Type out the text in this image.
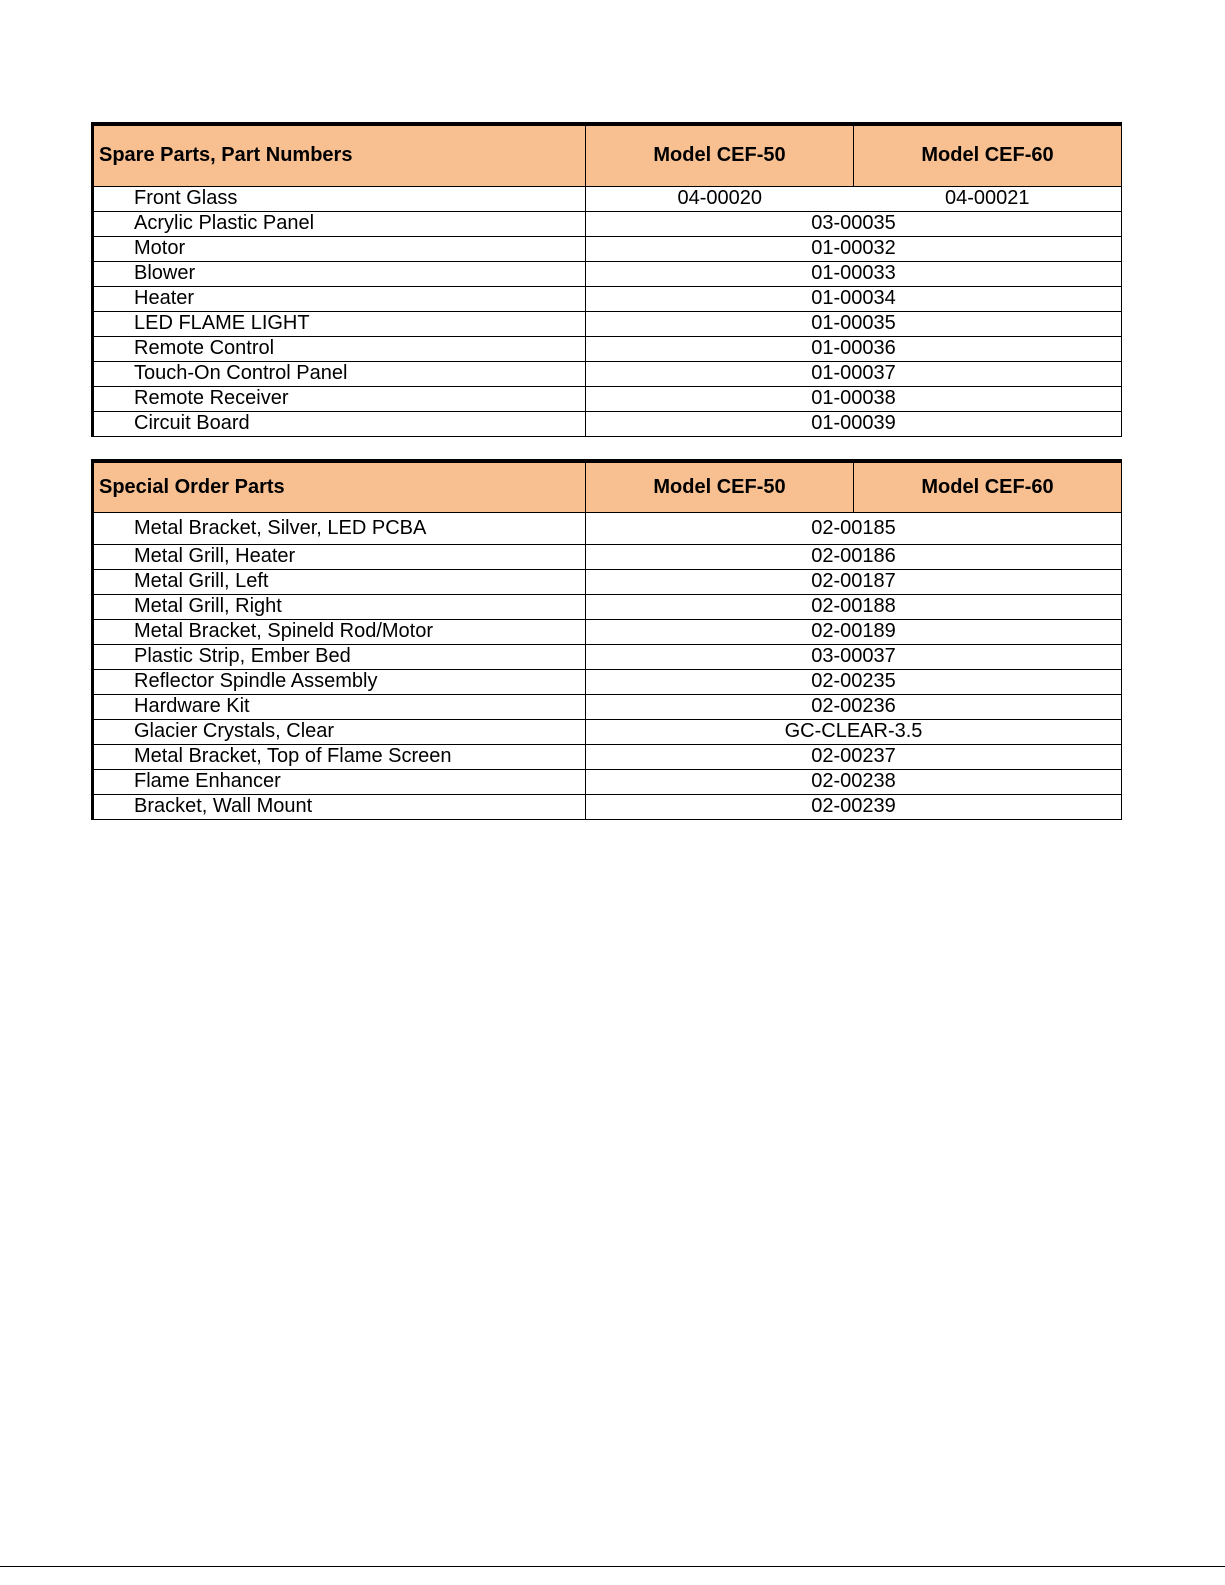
Spare Parts, Part Numbers	Model CEF-50	Model CEF-60
Front Glass	04-00020	04-00021
Acrylic Plastic Panel	03-00035	
Motor	01-00032	
Blower	01-00033	
Heater	01-00034	
LED FLAME LIGHT	01-00035	
Remote Control	01-00036	
Touch-On Control Panel	01-00037	
Remote Receiver	01-00038	
Circuit Board	01-00039	
Special Order Parts	Model CEF-50	Model CEF-60
Metal Bracket, Silver, LED PCBA	02-00185	
Metal Grill, Heater	02-00186	
Metal Grill, Left	02-00187	
Metal Grill, Right	02-00188	
Metal Bracket, Spineld Rod/Motor	02-00189	
Plastic Strip, Ember Bed	03-00037	
Reflector Spindle Assembly	02-00235	
Hardware Kit	02-00236	
Glacier Crystals, Clear	GC-CLEAR-3.5	
Metal Bracket, Top of Flame Screen	02-00237	
Flame Enhancer	02-00238	
Bracket, Wall Mount	02-00239	
